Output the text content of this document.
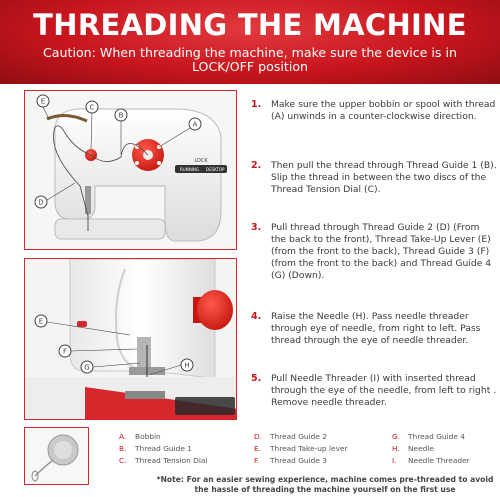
THREADING THE MACHINE
Caution: When threading the machine, make sure the device is in LOCK/OFF position
LOCK
RUNNING DESKTOP
E
C
B
A
D
E
F
G	H
1. Make sure the upper bobbin or spool with thread (A) unwinds in a counter-clockwise direction.
2. Then pull the thread through Thread Guide 1 (B). Slip the thread in between the two discs of the Thread Tension Dial (C).
3. Pull thread through Thread Guide 2 (D) (From the back to the front), Thread Take-Up Lever (E) (from the front to the back), Thread Guide 3 (F) (from the front to the back) and Thread Guide 4 (G) (Down).
4. Raise the Needle (H). Pass needle threader through eye of needle, from right to left. Pass thread through the eye of needle threader.
5. Pull Needle Threader (I) with inserted thread through the eye of the needle, from left to right . Remove needle threader.
A. Bobbin
B. Thread Guide 1
C. Thread Tension Dial
D. Thread Guide 2
E. Thread Take-up lever
F. Thread Guide 3
G. Thread Guide 4
H. Needle
I. Needle Threader
*Note: For an easier sewing experience, machine comes pre-threaded to avoid the hassle of threading the machine yourself on the first use
